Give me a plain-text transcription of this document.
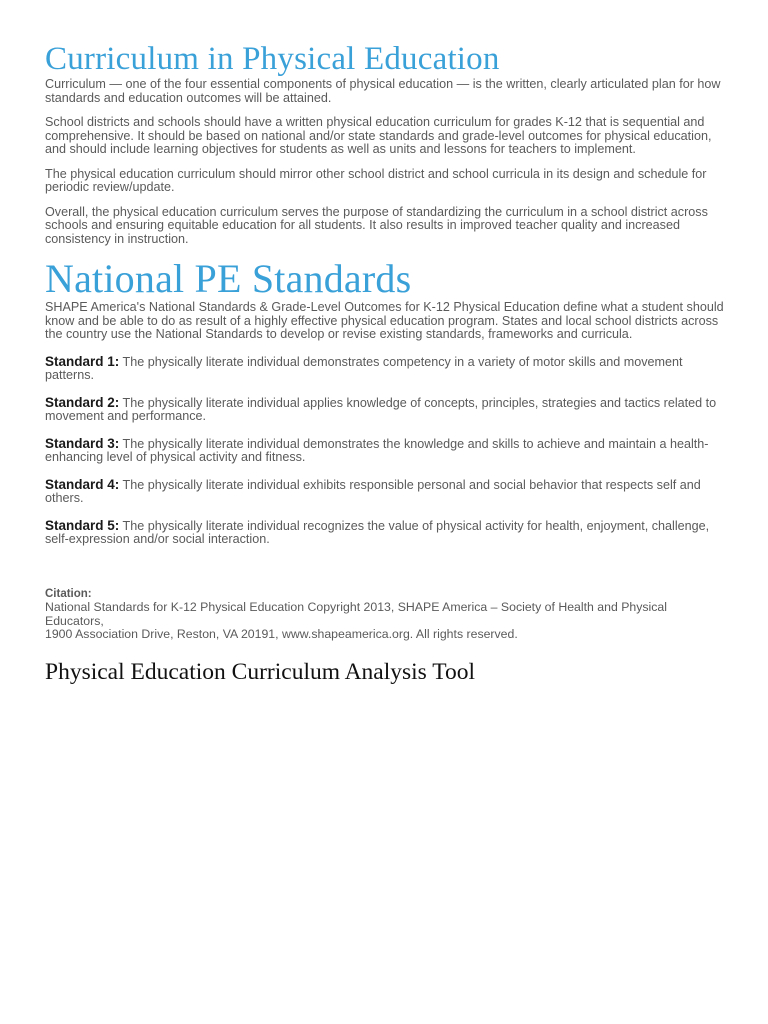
Curriculum in Physical Education

Curriculum — one of the four essential components of physical education — is the written, clearly articulated plan for how standards and education outcomes will be attained.

School districts and schools should have a written physical education curriculum for grades K-12 that is sequential and comprehensive. It should be based on national and/or state standards and grade-level outcomes for physical education, and should include learning objectives for students as well as units and lessons for teachers to implement.

The physical education curriculum should mirror other school district and school curricula in its design and schedule for periodic review/update.

Overall, the physical education curriculum serves the purpose of standardizing the curriculum in a school district across schools and ensuring equitable education for all students. It also results in improved teacher quality and increased consistency in instruction.

National PE Standards

SHAPE America's National Standards & Grade-Level Outcomes for K-12 Physical Education define what a student should know and be able to do as result of a highly effective physical education program. States and local school districts across the country use the National Standards to develop or revise existing standards, frameworks and curricula.

Standard 1: The physically literate individual demonstrates competency in a variety of motor skills and movement patterns.
Standard 2: The physically literate individual applies knowledge of concepts, principles, strategies and tactics related to movement and performance.
Standard 3: The physically literate individual demonstrates the knowledge and skills to achieve and maintain a health-enhancing level of physical activity and fitness.
Standard 4: The physically literate individual exhibits responsible personal and social behavior that respects self and others.
Standard 5: The physically literate individual recognizes the value of physical activity for health, enjoyment, challenge, self-expression and/or social interaction.
Citation:
National Standards for K-12 Physical Education Copyright 2013, SHAPE America – Society of Health and Physical Educators,
1900 Association Drive, Reston, VA 20191, www.shapeamerica.org. All rights reserved.
Physical Education Curriculum Analysis Tool
